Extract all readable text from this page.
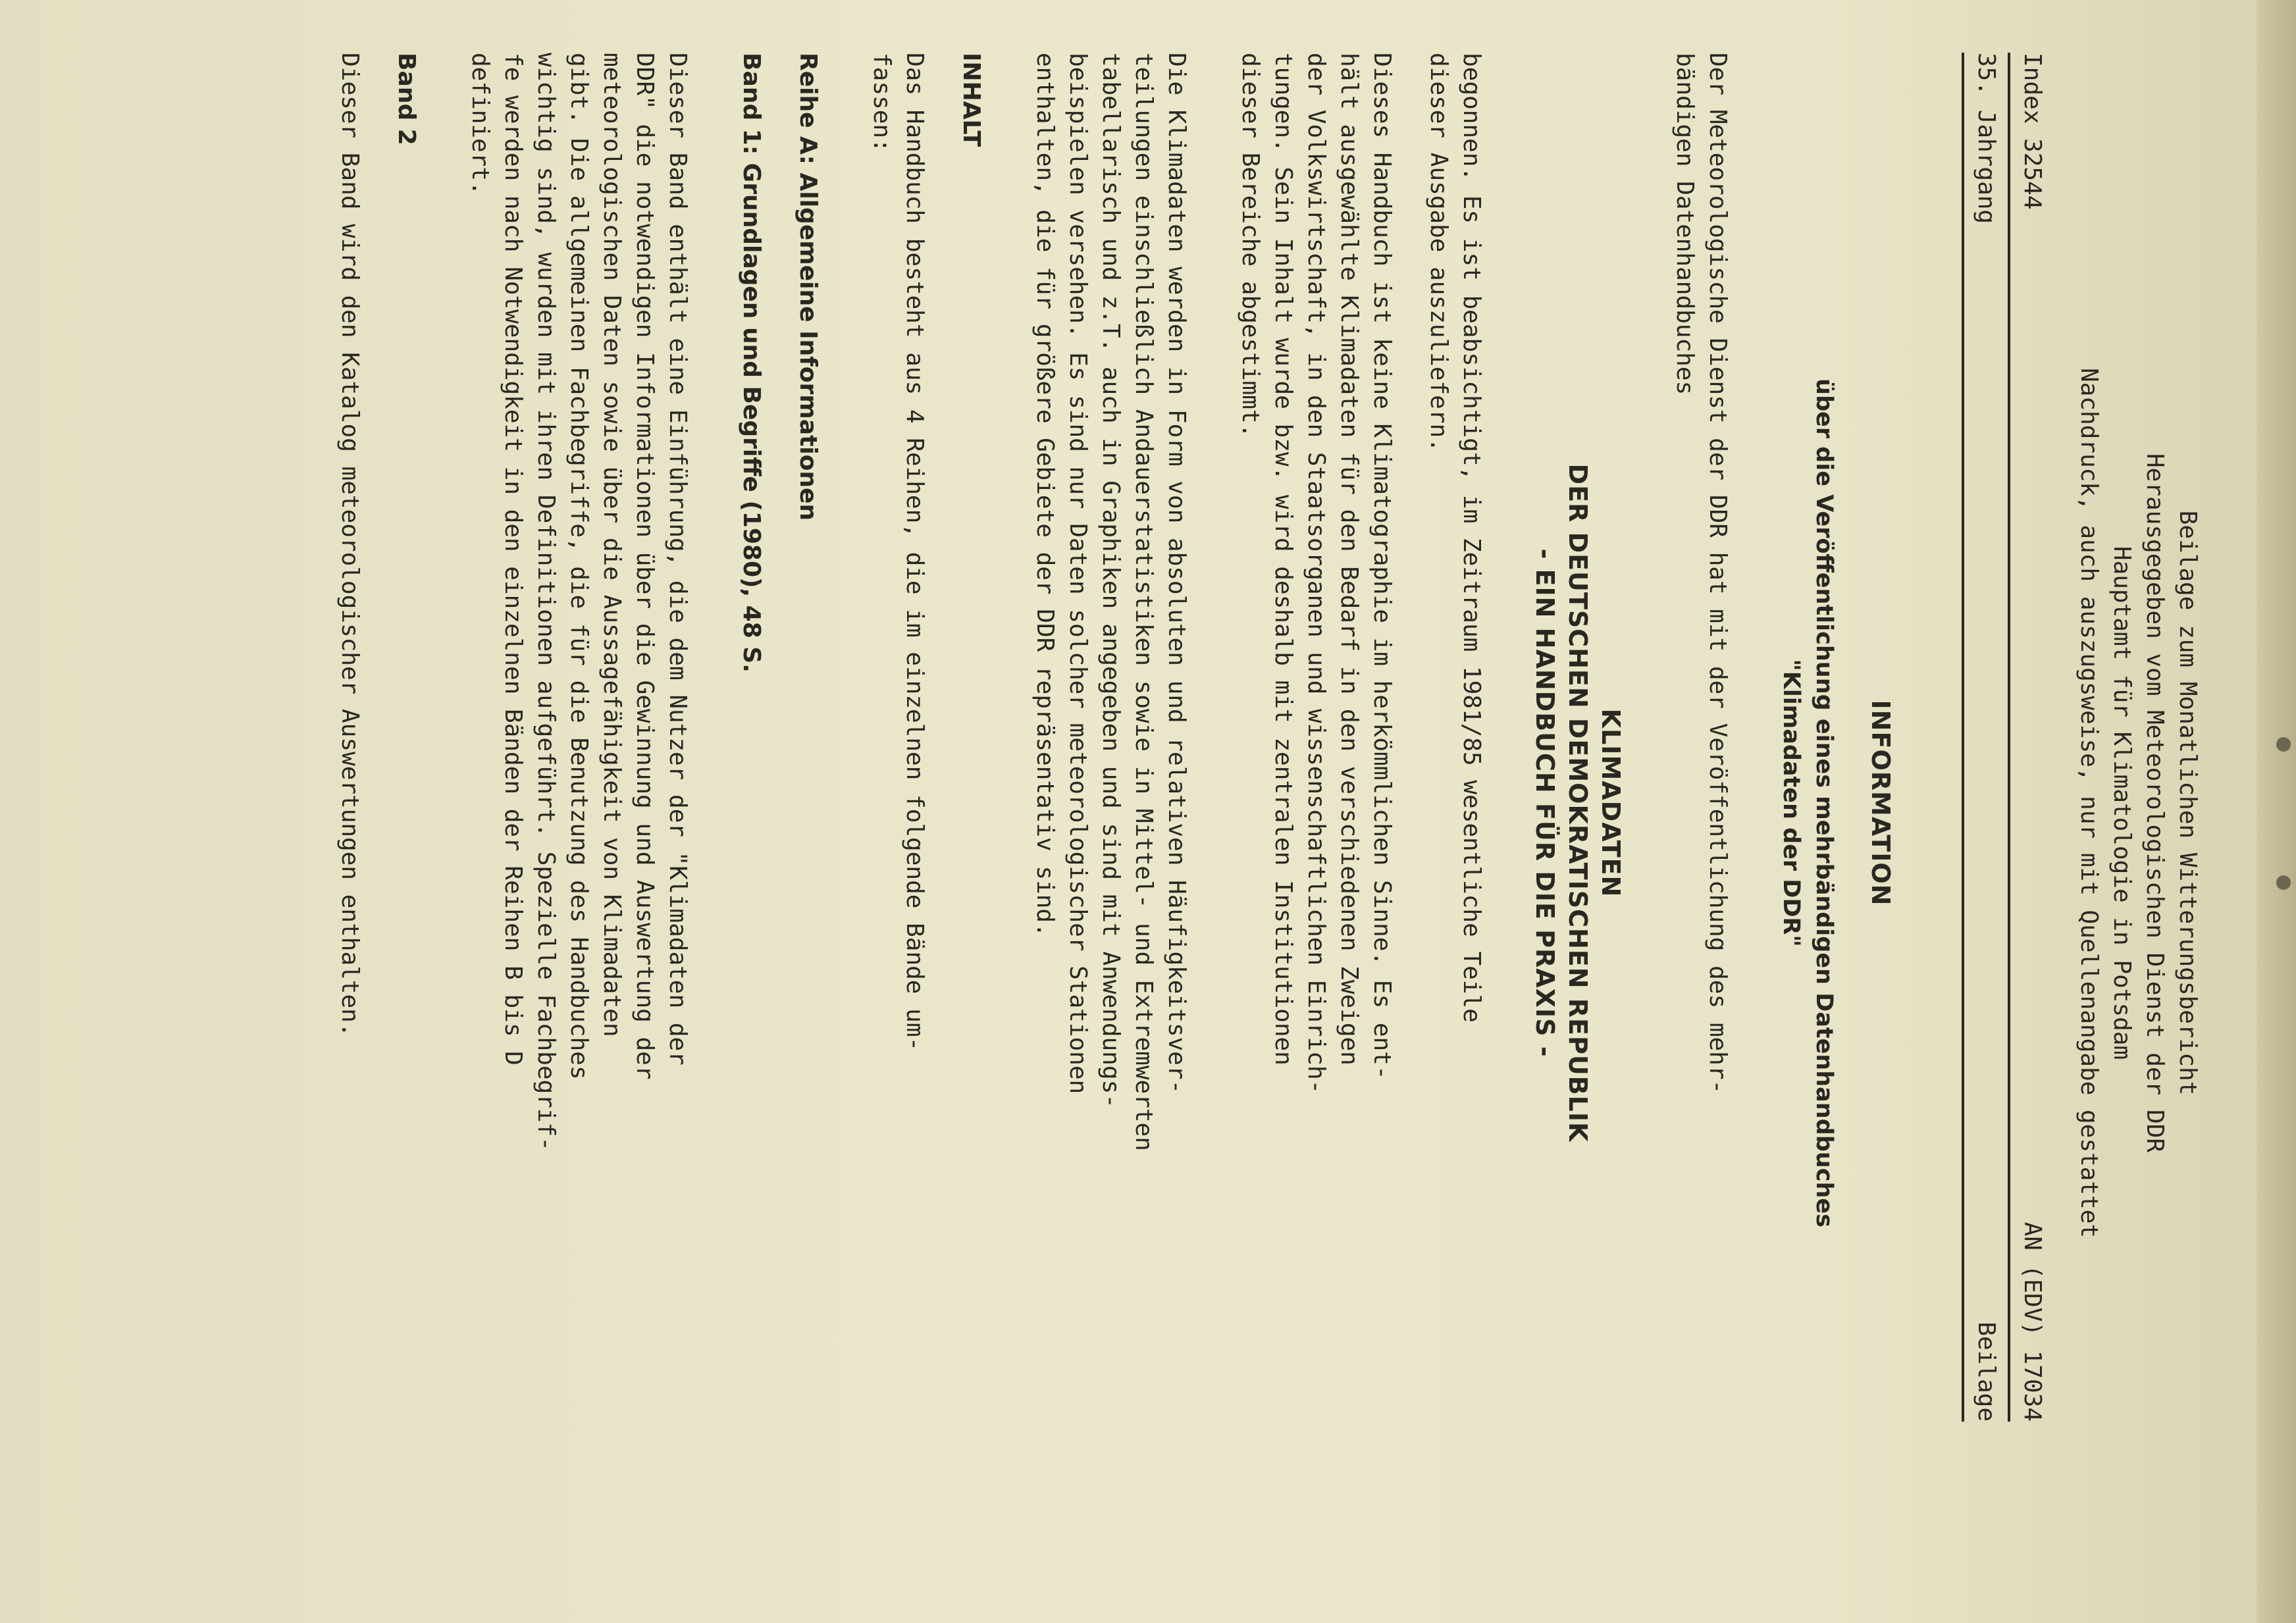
Beilage zum Monatlichen Witterungsbericht
Herausgegeben vom Meteorologischen Dienst der DDR
Hauptamt für Klimatologie in Potsdam
Nachdruck, auch auszugsweise, nur mit Quellenangabe gestattet
Index 32544
AN (EDV) 17034
35. Jahrgang
Beilage
INFORMATION
über die Veröffentlichung eines mehrbändigen Datenhandbuches
"Klimadaten der DDR"

Der Meteorologische Dienst der DDR hat mit der Veröffentlichung des mehr-
bändigen Datenhandbuches

KLIMADATEN
DER DEUTSCHEN DEMOKRATISCHEN REPUBLIK
- EIN HANDBUCH FÜR DIE PRAXIS -

begonnen. Es ist beabsichtigt, im Zeitraum 1981/85 wesentliche Teile
dieser Ausgabe auszuliefern.

Dieses Handbuch ist keine Klimatographie im herkömmlichen Sinne. Es ent-
hält ausgewählte Klimadaten für den Bedarf in den verschiedenen Zweigen
der Volkswirtschaft, in den Staatsorganen und wissenschaftlichen Einrich-
tungen. Sein Inhalt wurde bzw. wird deshalb mit zentralen Institutionen
dieser Bereiche abgestimmt.

Die Klimadaten werden in Form von absoluten und relativen Häufigkeitsver-
teilungen einschließlich Andauerstatistiken sowie in Mittel- und Extremwerten
tabellarisch und z.T. auch in Graphiken angegeben und sind mit Anwendungs-
beispielen versehen. Es sind nur Daten solcher meteorologischer Stationen
enthalten, die für größere Gebiete der DDR repräsentativ sind.

INHALT

Das Handbuch besteht aus 4 Reihen, die im einzelnen folgende Bände um-
fassen:

Reihe A: Allgemeine Informationen
Band 1: Grundlagen und Begriffe (1980), 48 S.

Dieser Band enthält eine Einführung, die dem Nutzer der "Klimadaten der
DDR" die notwendigen Informationen über die Gewinnung und Auswertung der
meteorologischen Daten sowie über die Aussagefähigkeit von Klimadaten
gibt. Die allgemeinen Fachbegriffe, die für die Benutzung des Handbuches
wichtig sind, wurden mit ihren Definitionen aufgeführt. Spezielle Fachbegrif-
fe werden nach Notwendigkeit in den einzelnen Bänden der Reihen B bis D
definiert.

Band 2

Dieser Band wird den Katalog meteorologischer Auswertungen enthalten.
